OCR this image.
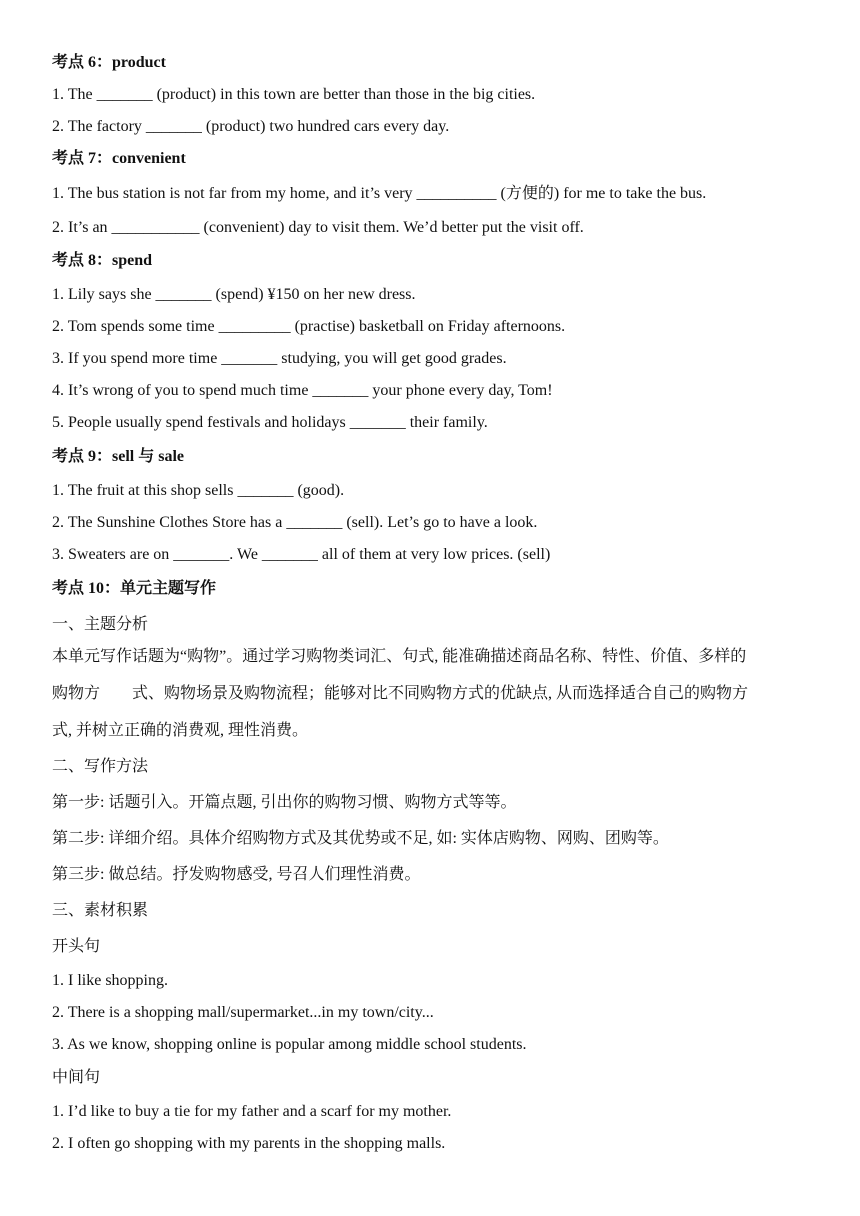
考点 6：product

1. The _______ (product) in this town are better than those in the big cities.

2. The factory _______ (product) two hundred cars every day.

考点 7：convenient

1. The bus station is not far from my home, and it’s very __________ (方便的) for me to take the bus.

2. It’s an ___________ (convenient) day to visit them. We’d better put the visit off.

考点 8：spend

1. Lily says she _______ (spend) ¥150 on her new dress.

2. Tom spends some time _________ (practise) basketball on Friday afternoons.

3. If you spend more time _______ studying, you will get good grades.

4. It’s wrong of you to spend much time _______ your phone every day, Tom!

5. People usually spend festivals and holidays _______ their family.

考点 9：sell 与 sale

1. The fruit at this shop sells _______ (good).

2. The Sunshine Clothes Store has a _______ (sell). Let’s go to have a look.

3. Sweaters are on _______. We _______ all of them at very low prices. (sell)

考点 10：单元主题写作

一、主题分析

本单元写作话题为“购物”。通过学习购物类词汇、句式, 能准确描述商品名称、特性、价值、多样的

购物方　　式、购物场景及购物流程；能够对比不同购物方式的优缺点, 从而选择适合自己的购物方

式, 并树立正确的消费观, 理性消费。

二、写作方法

第一步: 话题引入。开篇点题, 引出你的购物习惯、购物方式等等。

第二步: 详细介绍。具体介绍购物方式及其优势或不足, 如: 实体店购物、网购、团购等。

第三步: 做总结。抒发购物感受, 号召人们理性消费。

三、素材积累

开头句

1. I like shopping.

2. There is a shopping mall/supermarket...in my town/city...

3. As we know, shopping online is popular among middle school students.

中间句

1. I’d like to buy a tie for my father and a scarf for my mother.

2. I often go shopping with my parents in the shopping malls.
